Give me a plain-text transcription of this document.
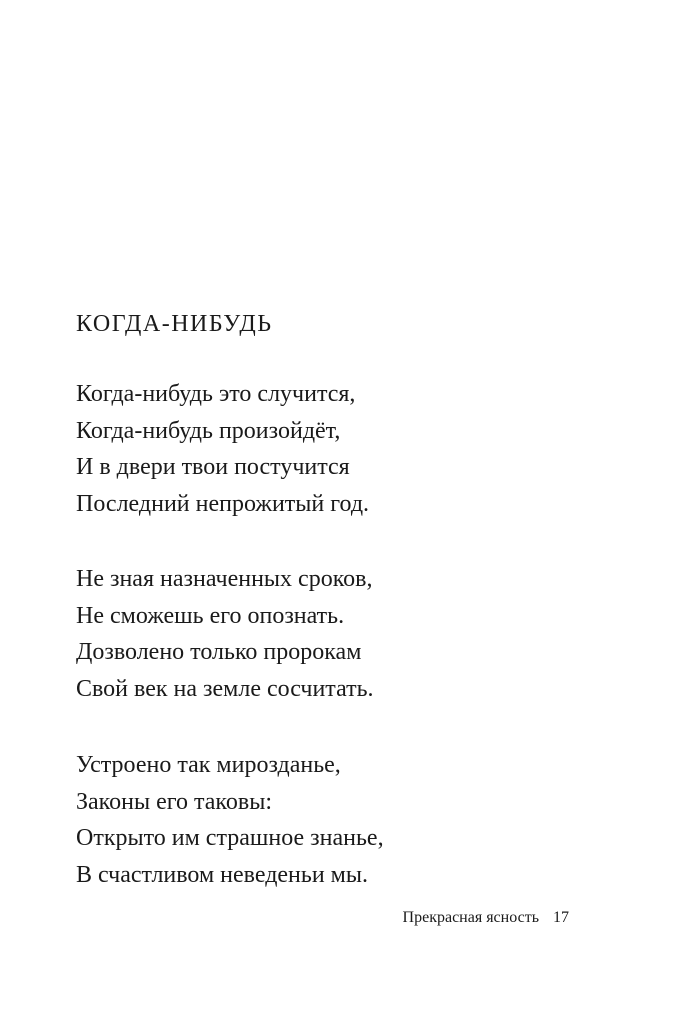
КОГДА-НИБУДЬ
Когда-нибудь это случится,
Когда-нибудь произойдёт,
И в двери твои постучится
Последний непрожитый год.
Не зная назначенных сроков,
Не сможешь его опознать.
Дозволено только пророкам
Свой век на земле сосчитать.
Устроено так мирозданье,
Законы его таковы:
Открыто им страшное знанье,
В счастливом неведеньи мы.
Прекрасная ясность 17
